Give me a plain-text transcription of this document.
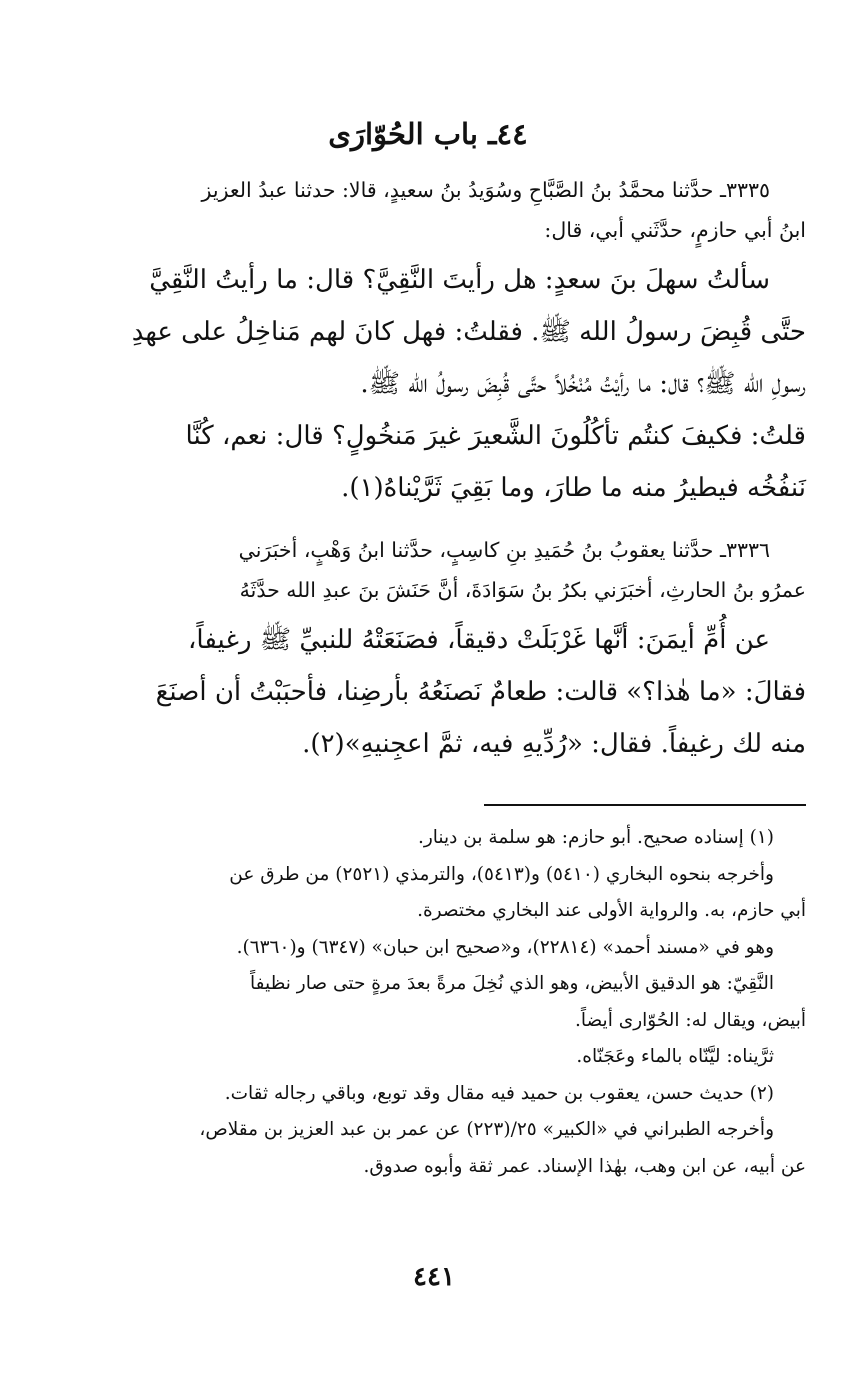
٤٤ـ باب الحُوّارَى

٣٣٣٥ـ حدَّثنا محمَّدُ بنُ الصَّبَّاحِ وسُوَيدُ بنُ سعيدٍ، قالا: حدثنا عبدُ العزيز

ابنُ أبي حازمٍ، حدَّثَني أبي، قال:

سألتُ سهلَ بنَ سعدٍ: هل رأيتَ النَّقِيَّ؟ قال: ما رأيتُ النَّقِيَّ
حتَّى قُبِضَ رسولُ الله ﷺ. فقلتُ: فهل كانَ لهم مَناخِلُ على عهدِ
رسولِ الله ﷺ؟ قال: ما رأيْتُ مُنْخُلاً حتَّى قُبِضَ رسولُ الله ﷺ.
قلتُ: فكيفَ كنتُم تأكُلُونَ الشَّعيرَ غيرَ مَنخُولٍ؟ قال: نعم، كُنَّا
نَنفُخُه فيطيرُ منه ما طارَ، وما بَقِيَ ثَرَّيْناهُ(١).

٣٣٣٦ـ حدَّثنا يعقوبُ بنُ حُمَيدِ بنِ كاسِبٍ، حدَّثنا ابنُ وَهْبٍ، أخبَرَني

عمرُو بنُ الحارثِ، أخبَرَني بكرُ بنُ سَوَادَةَ، أنَّ حَنَشَ بنَ عبدِ الله حدَّثَهُ

عن أُمِّ أيمَنَ: أنَّها غَرْبَلَتْ دقيقاً، فصَنَعَتْهُ للنبيِّ ﷺ رغيفاً،
فقالَ: «ما هٰذا؟» قالت: طعامٌ نَصنَعُهُ بأرضِنا، فأحبَبْتُ أن أصنَعَ
منه لك رغيفاً. فقال: «رُدِّيهِ فيه، ثمَّ اعجِنيهِ»(٢).

(١) إسناده صحيح. أبو حازم: هو سلمة بن دينار.

وأخرجه بنحوه البخاري (٥٤١٠) و(٥٤١٣)، والترمذي (٢٥٢١) من طرق عن

أبي حازم، به. والرواية الأولى عند البخاري مختصرة.

وهو في «مسند أحمد» (٢٢٨١٤)، و«صحيح ابن حبان» (٦٣٤٧) و(٦٣٦٠).

النَّقِيّ: هو الدقيق الأبيض، وهو الذي نُخِلَ مرةً بعدَ مرةٍ حتى صار نظيفاً

أبيض، ويقال له: الحُوّارى أيضاً.

ثرَّيناه: ليَّنّاه بالماء وعَجَنّاه.

(٢) حديث حسن، يعقوب بن حميد فيه مقال وقد توبع، وباقي رجاله ثقات.

وأخرجه الطبراني في «الكبير» ٢٥/(٢٢٣) عن عمر بن عبد العزيز بن مقلاص،

عن أبيه، عن ابن وهب، بهٰذا الإسناد. عمر ثقة وأبوه صدوق.

٤٤١
